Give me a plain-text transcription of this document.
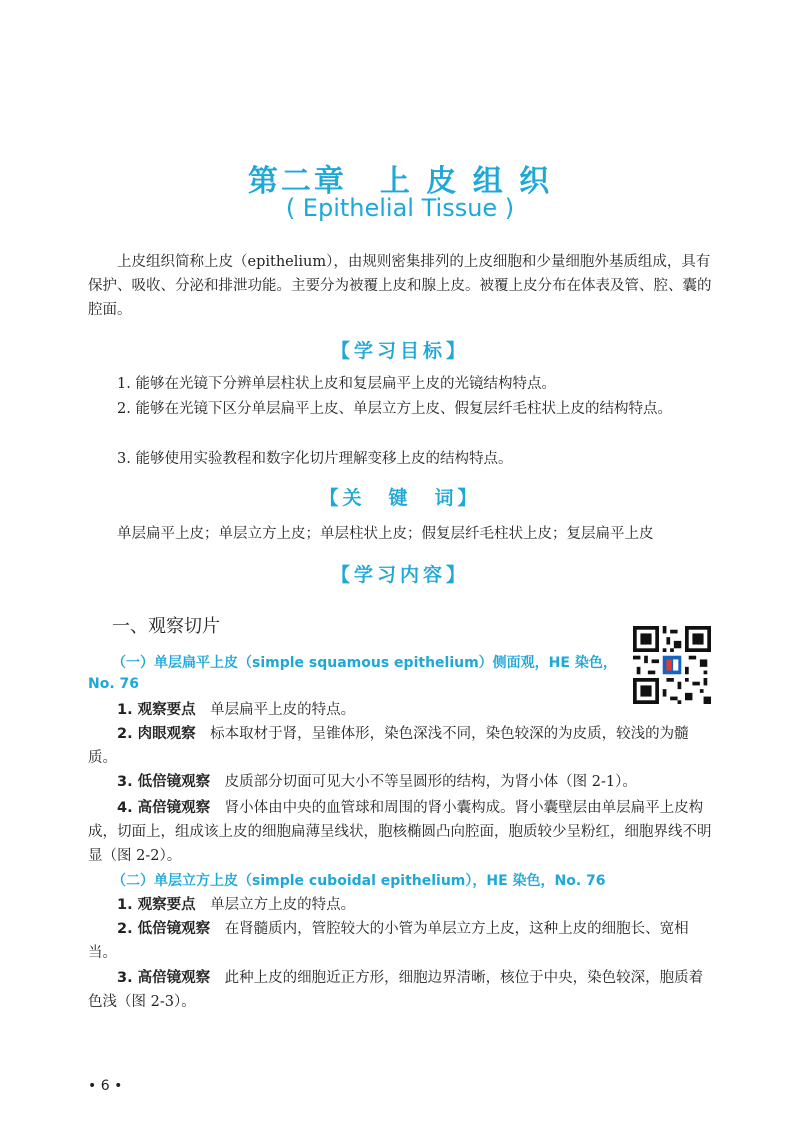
第二章　上 皮 组 织
( Epithelial Tissue )
上皮组织简称上皮（epithelium），由规则密集排列的上皮细胞和少量细胞外基质组成，具有保护、吸收、分泌和排泄功能。主要分为被覆上皮和腺上皮。被覆上皮分布在体表及管、腔、囊的腔面。
【学习目标】
1. 能够在光镜下分辨单层柱状上皮和复层扁平上皮的光镜结构特点。
2. 能够在光镜下区分单层扁平上皮、单层立方上皮、假复层纤毛柱状上皮的结构特点。
3. 能够使用实验教程和数字化切片理解变移上皮的结构特点。
【关　键　词】
单层扁平上皮；单层立方上皮；单层柱状上皮；假复层纤毛柱状上皮；复层扁平上皮
【学习内容】
一、观察切片
（一）单层扁平上皮（simple squamous epithelium）侧面观，HE 染色，
No. 76
1. 观察要点　 单层扁平上皮的特点。
2. 肉眼观察　 标本取材于肾，呈锥体形，染色深浅不同，染色较深的为皮质，较浅的为髓质。
3. 低倍镜观察　 皮质部分切面可见大小不等呈圆形的结构，为肾小体（图 2-1）。
4. 高倍镜观察　 肾小体由中央的血管球和周围的肾小囊构成。肾小囊壁层由单层扁平上皮构成，切面上，组成该上皮的细胞扁薄呈线状，胞核椭圆凸向腔面，胞质较少呈粉红，细胞界线不明显（图 2-2）。
（二）单层立方上皮（simple cuboidal epithelium），HE 染色，No. 76
1. 观察要点　 单层立方上皮的特点。
2. 低倍镜观察　 在肾髓质内，管腔较大的小管为单层立方上皮，这种上皮的细胞长、宽相当。
3. 高倍镜观察　 此种上皮的细胞近正方形，细胞边界清晰，核位于中央，染色较深，胞质着色浅（图 2-3）。
• 6 •
